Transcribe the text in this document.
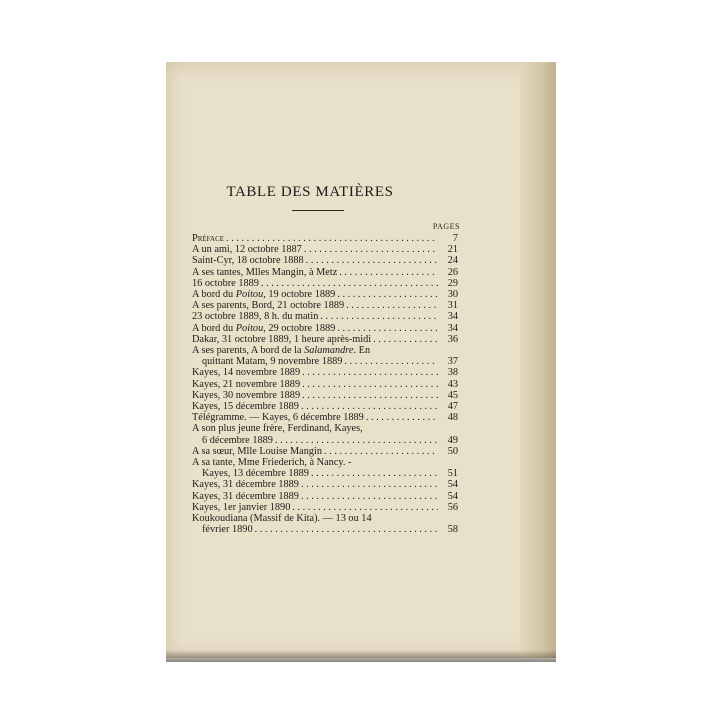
TABLE DES MATIÈRES
PAGES
Préface . . .	7
A un ami, 12 octobre 1887 . . .	21
Saint-Cyr, 18 octobre 1888 . . .	24
A ses tantes, Mlles Mangin, à Metz . . .	26
16 octobre 1889 . . .	29
A bord du Poitou, 19 octobre 1889 . . .	30
A ses parents, Bord, 21 octobre 1889 . . .	31
23 octobre 1889, 8 h. du matin . . .	34
A bord du Poitou, 29 octobre 1889 . . .	34
Dakar, 31 octobre 1889, 1 heure après-midi . . .	36
A ses parents, A bord de la Salamandre. En
quittant Matam, 9 novembre 1889 . . .	37
Kayes, 14 novembre 1889 . . .	38
Kayes, 21 novembre 1889 . . .	43
Kayes, 30 novembre 1889 . . .	45
Kayes, 15 décembre 1889 . . .	47
Télégramme. — Kayes, 6 décembre 1889 . . .	48
A son plus jeune frère, Ferdinand, Kayes,
6 décembre 1889 . . .	49
A sa sœur, Mlle Louise Mangin . . .	50
A sa tante, Mme Friederich, à Nancy. -
Kayes, 13 décembre 1889 . . .	51
Kayes, 31 décembre 1889 . . .	54
Kayes, 31 décembre 1889 . . .	54
Kayes, 1er janvier 1890 . . .	56
Koukoudiana (Massif de Kita). — 13 ou 14
février 1890 . . .	58
